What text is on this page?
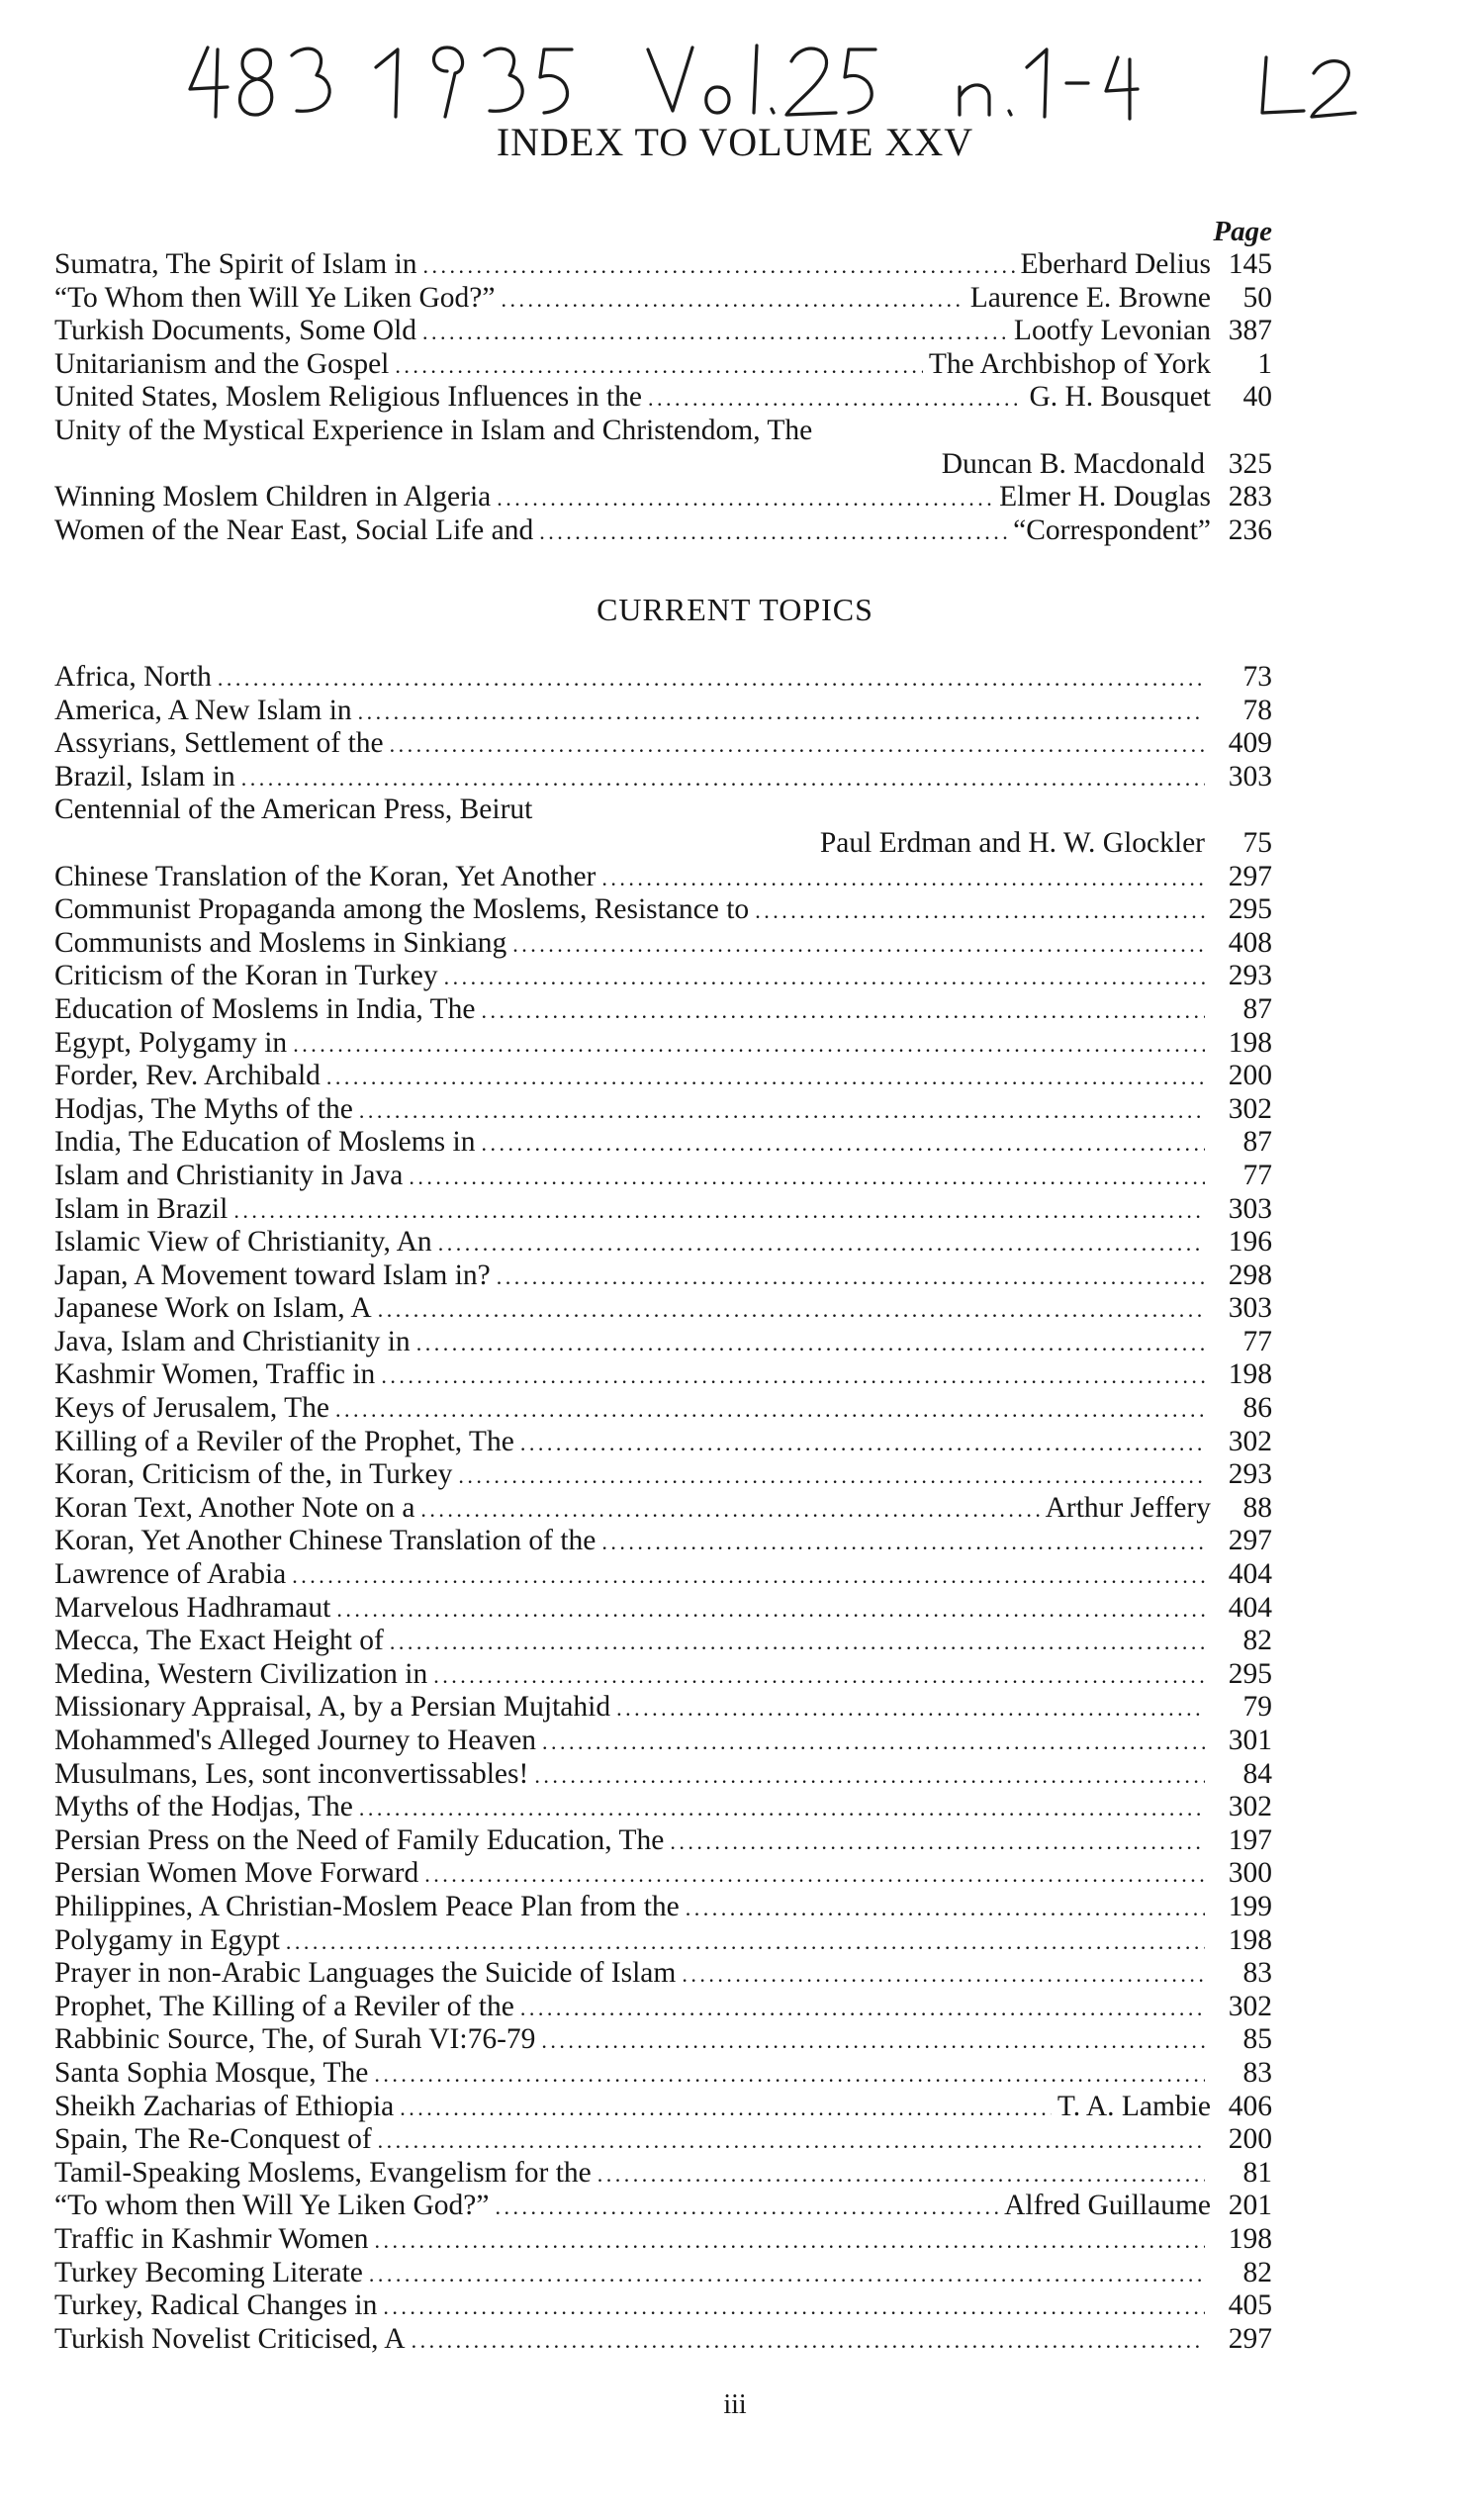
INDEX TO VOLUME XXV
Page
Sumatra, The Spirit of Islam in . . .	Eberhard Delius 145
“To Whom then Will Ye Liken God?” . . .	Laurence E. Browne	50
Turkish Documents, Some Old . . .	Lootfy Levonian 387
Unitarianism and the Gospel . . .	The Archbishop of York	1
United States, Moslem Religious Influences in the . . .	G. H. Bousquet	40
Unity of the Mystical Experience in Islam and Christendom, The
Duncan B. Macdonald 325
Winning Moslem Children in Algeria . . .	Elmer H. Douglas 283
Women of the Near East, Social Life and . . .	“Correspondent” 236
CURRENT TOPICS
Africa, North . . .	73
America, A New Islam in . . .	78
Assyrians, Settlement of the . . .	409
Brazil, Islam in . . .	303
Centennial of the American Press, Beirut
Paul Erdman and H. W. Glockler	75
Chinese Translation of the Koran, Yet Another . . .	297
Communist Propaganda among the Moslems, Resistance to . . .	295
Communists and Moslems in Sinkiang . . .	408
Criticism of the Koran in Turkey . . .	293
Education of Moslems in India, The . . .	87
Egypt, Polygamy in . . .	198
Forder, Rev. Archibald . . .	200
Hodjas, The Myths of the . . .	302
India, The Education of Moslems in . . .	87
Islam and Christianity in Java . . .	77
Islam in Brazil . . .	303
Islamic View of Christianity, An . . .	196
Japan, A Movement toward Islam in? . . .	298
Japanese Work on Islam, A . . .	303
Java, Islam and Christianity in . . .	77
Kashmir Women, Traffic in . . .	198
Keys of Jerusalem, The . . .	86
Killing of a Reviler of the Prophet, The . . .	302
Koran, Criticism of the, in Turkey . . .	293
Koran Text, Another Note on a . . .	Arthur Jeffery	88
Koran, Yet Another Chinese Translation of the . . .	297
Lawrence of Arabia . . .	404
Marvelous Hadhramaut . . .	404
Mecca, The Exact Height of . . .	82
Medina, Western Civilization in . . .	295
Missionary Appraisal, A, by a Persian Mujtahid . . .	79
Mohammed's Alleged Journey to Heaven . . .	301
Musulmans, Les, sont inconvertissables! . . .	84
Myths of the Hodjas, The . . .	302
Persian Press on the Need of Family Education, The . . .	197
Persian Women Move Forward . . .	300
Philippines, A Christian-Moslem Peace Plan from the . . .	199
Polygamy in Egypt . . .	198
Prayer in non-Arabic Languages the Suicide of Islam . . .	83
Prophet, The Killing of a Reviler of the . . .	302
Rabbinic Source, The, of Surah VI:76-79 . . .	85
Santa Sophia Mosque, The . . .	83
Sheikh Zacharias of Ethiopia . . .	T. A. Lambie 406
Spain, The Re-Conquest of . . .	200
Tamil-Speaking Moslems, Evangelism for the . . .	81
“To whom then Will Ye Liken God?” . . .	Alfred Guillaume 201
Traffic in Kashmir Women . . .	198
Turkey Becoming Literate . . .	82
Turkey, Radical Changes in . . .	405
Turkish Novelist Criticised, A . . .	297
iii
